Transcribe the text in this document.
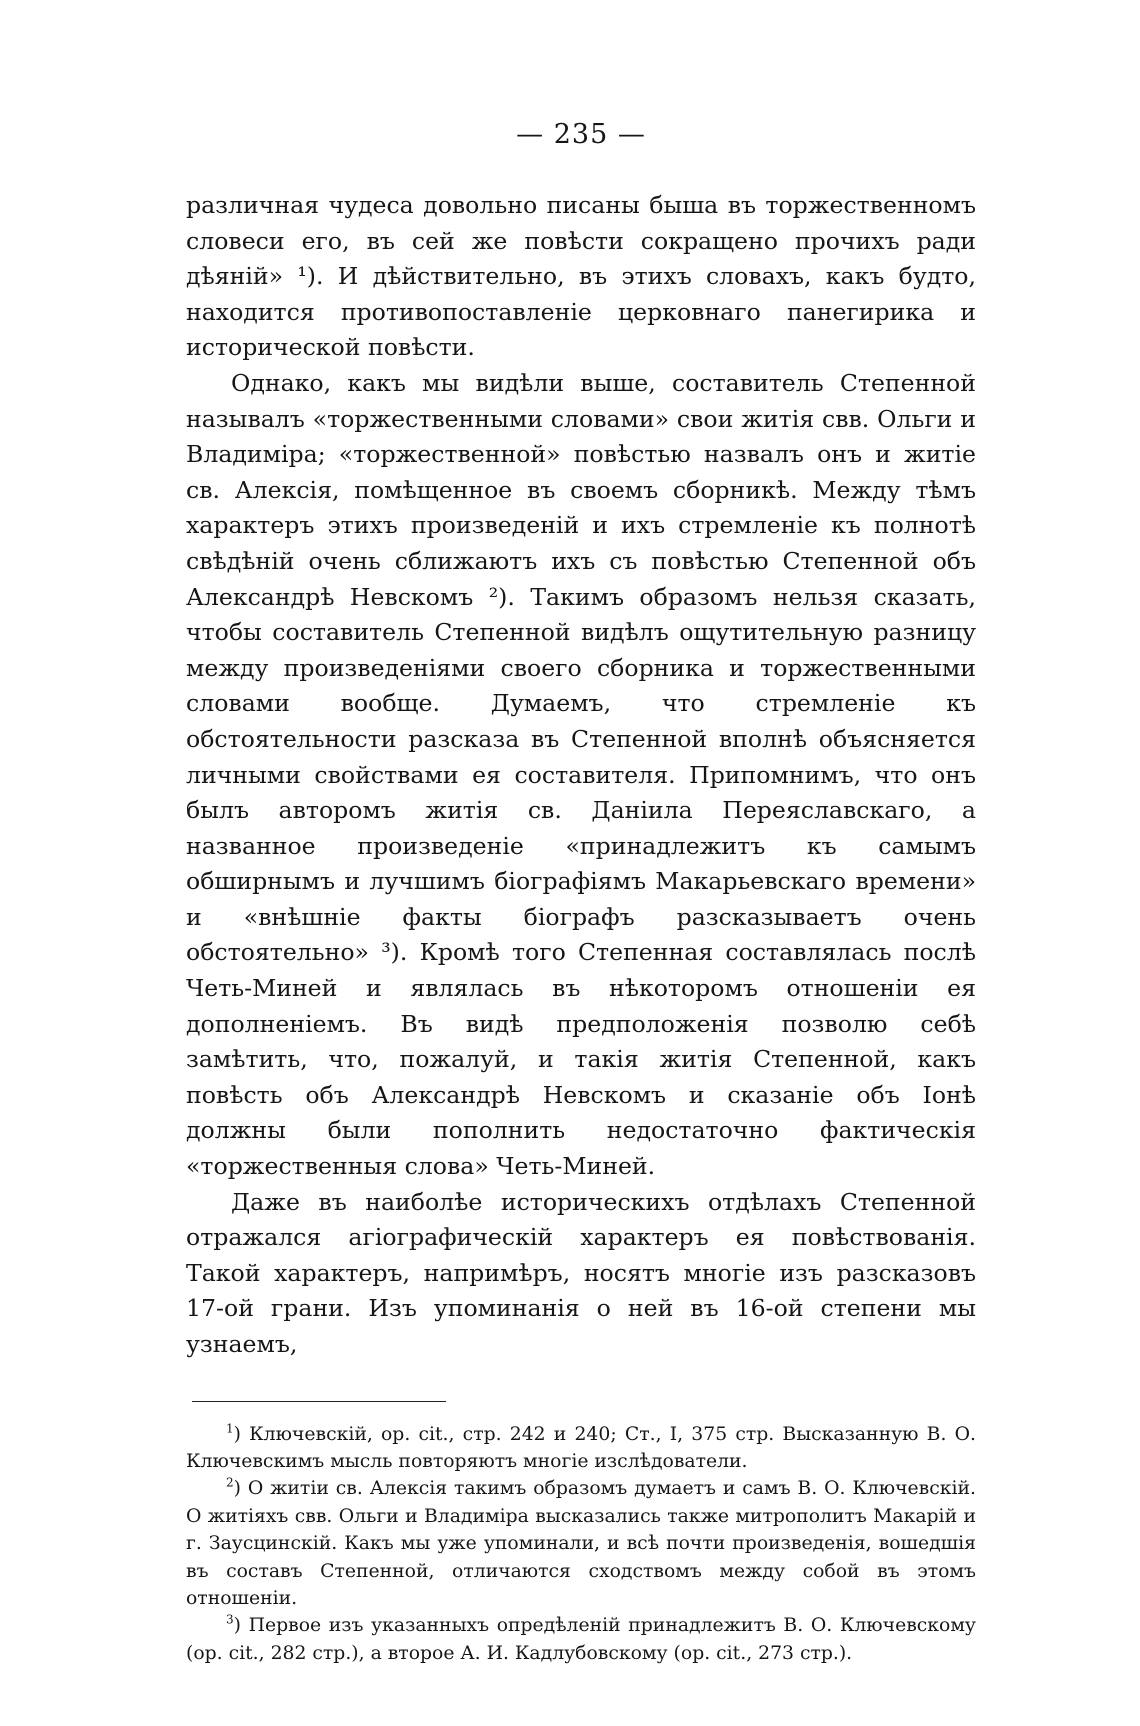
— 235 —

различная чудеса довольно писаны быша въ торжественномъ словеси его, въ сей же повѣсти сокращено прочихъ ради дѣяній» ¹). И дѣйствительно, въ этихъ словахъ, какъ будто, находится противопоставленіе церковнаго панегирика и исторической повѣсти.

Однако, какъ мы видѣли выше, составитель Степенной называлъ «торжественными словами» свои житія свв. Ольги и Владиміра; «торжественной» повѣстью назвалъ онъ и житіе св. Алексія, помѣщенное въ своемъ сборникѣ. Между тѣмъ характеръ этихъ произведеній и ихъ стремленіе къ полнотѣ свѣдѣній очень сближаютъ ихъ съ повѣстью Степенной объ Александрѣ Невскомъ ²). Такимъ образомъ нельзя сказать, чтобы составитель Степенной видѣлъ ощутительную разницу между произведеніями своего сборника и торжественными словами вообще. Думаемъ, что стремленіе къ обстоятельности разсказа въ Степенной вполнѣ объясняется личными свойствами ея составителя. Припомнимъ, что онъ былъ авторомъ житія св. Даніила Переяславскаго, а названное произведеніе «принадлежитъ къ самымъ обширнымъ и лучшимъ біографіямъ Макарьевскаго времени» и «внѣшніе факты біографъ разсказываетъ очень обстоятельно» ³). Кромѣ того Степенная составлялась послѣ Четь-Миней и являлась въ нѣкоторомъ отношеніи ея дополненіемъ. Въ видѣ предположенія позволю себѣ замѣтить, что, пожалуй, и такія житія Степенной, какъ повѣсть объ Александрѣ Невскомъ и сказаніе объ Іонѣ должны были пополнить недостаточно фактическія «торжественныя слова» Четь-Миней.

Даже въ наиболѣе историческихъ отдѣлахъ Степенной отражался агіографическій характеръ ея повѣствованія. Такой характеръ, напримѣръ, носятъ многіе изъ разсказовъ 17-ой грани. Изъ упоминанія о ней въ 16-ой степени мы узнаемъ,

$^1$) Ключевскій, op. cit., стр. 242 и 240; Ст., I, 375 стр. Высказанную В. О. Ключевскимъ мысль повторяютъ многіе изслѣдователи.

$^2$) О житіи св. Алексія такимъ образомъ думаетъ и самъ В. О. Ключевскій. О житіяхъ свв. Ольги и Владиміра высказались также митрополитъ Макарій и г. Заусцинскій. Какъ мы уже упоминали, и всѣ почти произведенія, вошедшія въ составъ Степенной, отличаются сходствомъ между собой въ этомъ отношеніи.

$^3$) Первое изъ указанныхъ опредѣленій принадлежитъ В. О. Ключевскому (op. cit., 282 стр.), а второе А. И. Кадлубовскому (op. cit., 273 стр.).
